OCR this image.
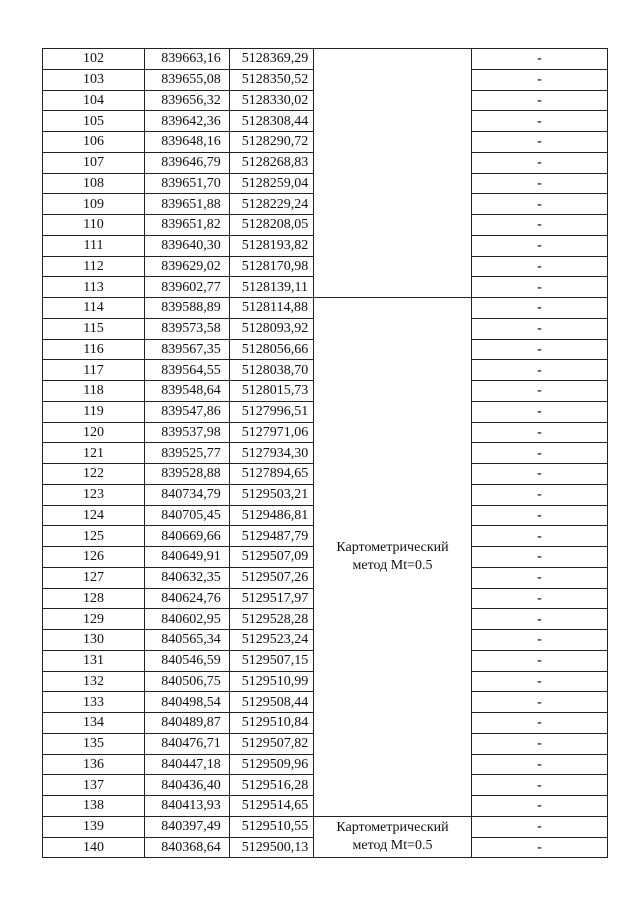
102	839663,16	5128369,29		-
103	839655,08	5128350,52		-
104	839656,32	5128330,02		-
105	839642,36	5128308,44		-
106	839648,16	5128290,72		-
107	839646,79	5128268,83		-
108	839651,70	5128259,04		-
109	839651,88	5128229,24		-
110	839651,82	5128208,05		-
111	839640,30	5128193,82		-
112	839629,02	5128170,98		-
113	839602,77	5128139,11		-
114	839588,89	5128114,88	Картометрический метод Mt=0.5	-
115	839573,58	5128093,92		-
116	839567,35	5128056,66		-
117	839564,55	5128038,70		-
118	839548,64	5128015,73		-
119	839547,86	5127996,51		-
120	839537,98	5127971,06		-
121	839525,77	5127934,30		-
122	839528,88	5127894,65		-
123	840734,79	5129503,21		-
124	840705,45	5129486,81		-
125	840669,66	5129487,79		-
126	840649,91	5129507,09		-
127	840632,35	5129507,26		-
128	840624,76	5129517,97		-
129	840602,95	5129528,28		-
130	840565,34	5129523,24		-
131	840546,59	5129507,15		-
132	840506,75	5129510,99		-
133	840498,54	5129508,44		-
134	840489,87	5129510,84		-
135	840476,71	5129507,82		-
136	840447,18	5129509,96		-
137	840436,40	5129516,28		-
138	840413,93	5129514,65		-
139	840397,49	5129510,55	Картометрический метод Mt=0.5	-
140	840368,64	5129500,13		-
